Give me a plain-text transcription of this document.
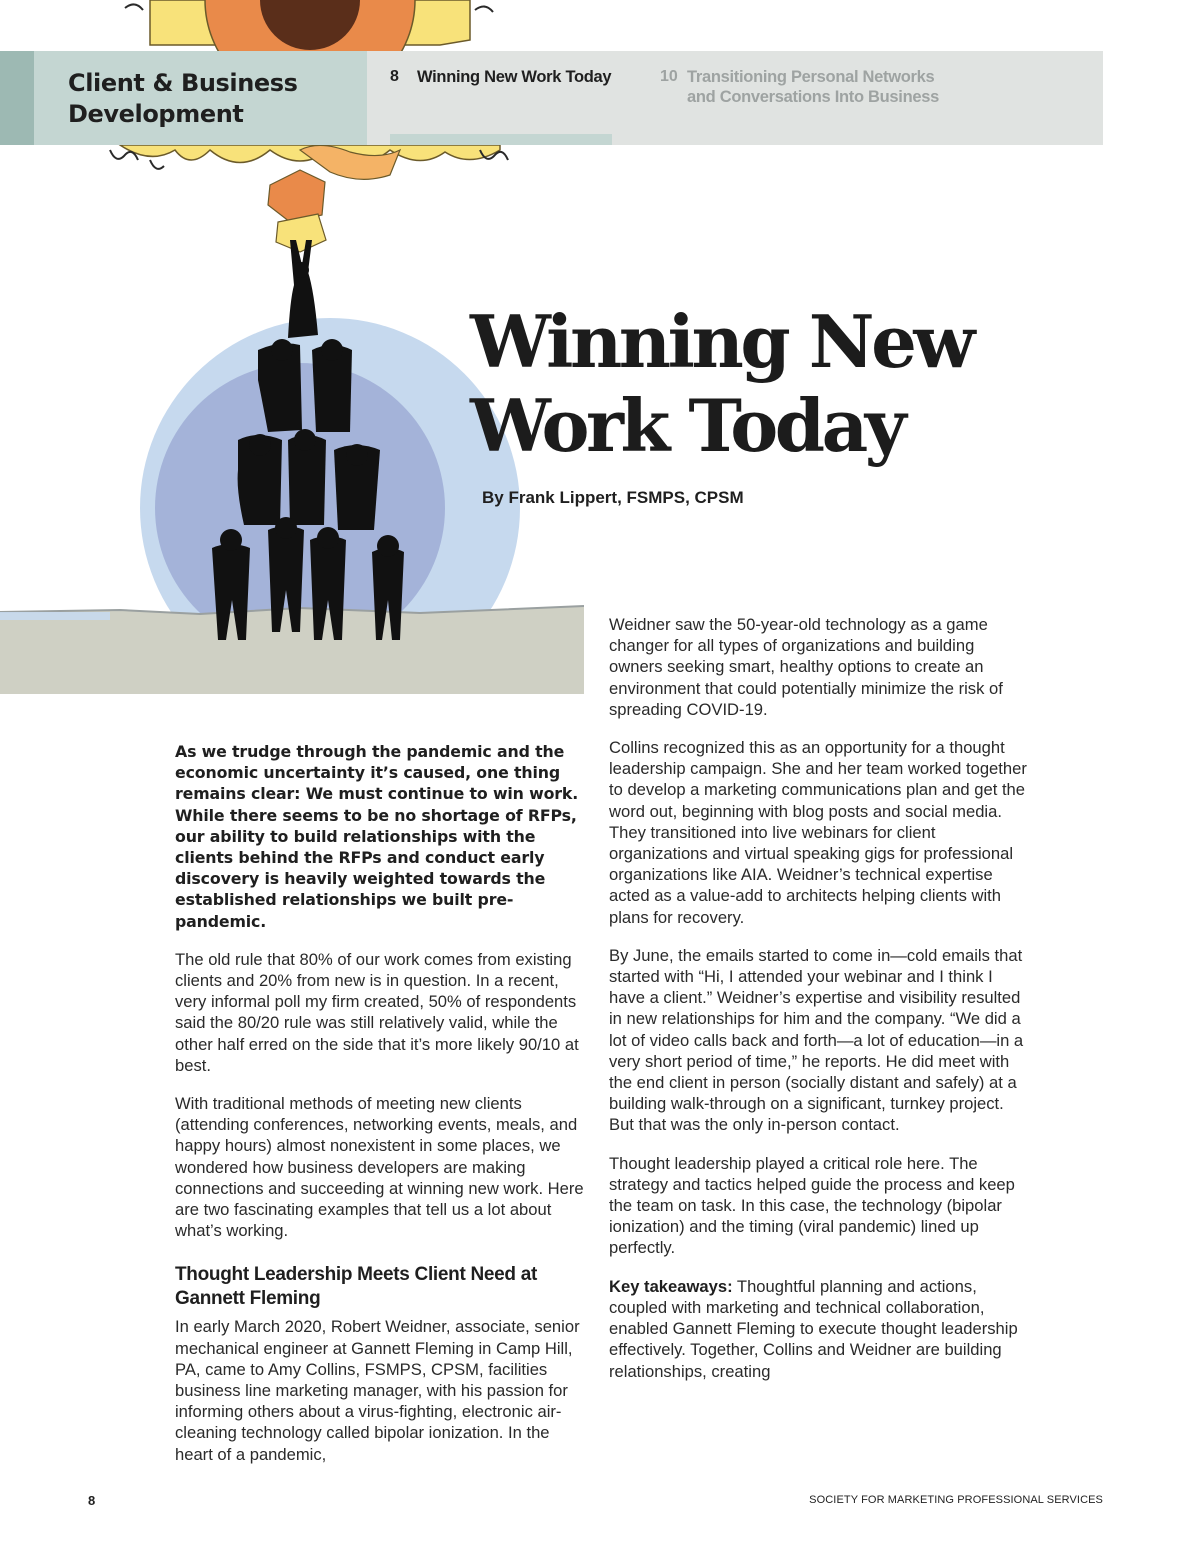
Client & Business Development
8 Winning New Work Today	10 Transitioning Personal Networks and Conversations Into Business
Winning New
Work Today
By Frank Lippert, FSMPS, CPSM

As we trudge through the pandemic and the economic uncertainty it’s caused, one thing remains clear: We must continue to win work. While there seems to be no shortage of RFPs, our ability to build relationships with the clients behind the RFPs and conduct early discovery is heavily weighted towards the established relationships we built pre-pandemic.

The old rule that 80% of our work comes from existing clients and 20% from new is in question. In a recent, very informal poll my firm created, 50% of respondents said the 80/20 rule was still relatively valid, while the other half erred on the side that it’s more likely 90/10 at best.

With traditional methods of meeting new clients (attending conferences, networking events, meals, and happy hours) almost nonexistent in some places, we wondered how business developers are making connections and succeeding at winning new work. Here are two fascinating examples that tell us a lot about what’s working.

Thought Leadership Meets Client Need at Gannett Fleming

In early March 2020, Robert Weidner, associate, senior mechanical engineer at Gannett Fleming in Camp Hill, PA, came to Amy Collins, FSMPS, CPSM, facilities business line marketing manager, with his passion for informing others about a virus-fighting, electronic air-cleaning technology called bipolar ionization. In the heart of a pandemic,

Weidner saw the 50-year-old technology as a game changer for all types of organizations and building owners seeking smart, healthy options to create an environment that could potentially minimize the risk of spreading COVID-19.

Collins recognized this as an opportunity for a thought leadership campaign. She and her team worked together to develop a marketing communications plan and get the word out, beginning with blog posts and social media. They transitioned into live webinars for client organizations and virtual speaking gigs for professional organizations like AIA. Weidner’s technical expertise acted as a value-add to architects helping clients with plans for recovery.

By June, the emails started to come in—cold emails that started with “Hi, I attended your webinar and I think I have a client.” Weidner’s expertise and visibility resulted in new relationships for him and the company. “We did a lot of video calls back and forth—a lot of education—in a very short period of time,” he reports. He did meet with the end client in person (socially distant and safely) at a building walk-through on a significant, turnkey project. But that was the only in-person contact.

Thought leadership played a critical role here. The strategy and tactics helped guide the process and keep the team on task. In this case, the technology (bipolar ionization) and the timing (viral pandemic) lined up perfectly.

Key takeaways: Thoughtful planning and actions, coupled with marketing and technical collaboration, enabled Gannett Fleming to execute thought leadership effectively. Together, Collins and Weidner are building relationships, creating

8	SOCIETY FOR MARKETING PROFESSIONAL SERVICES
